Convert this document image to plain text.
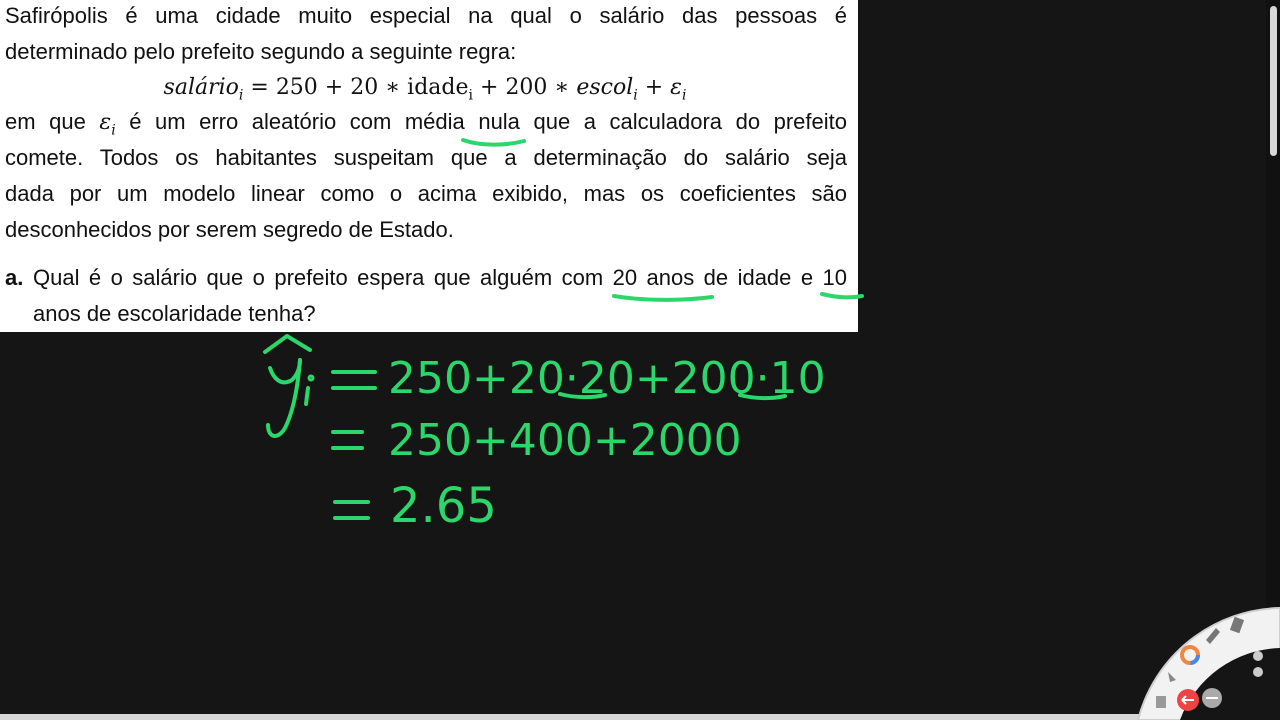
Safirópolis é uma cidade muito especial na qual o salário das pessoas é
determinado pelo prefeito segundo a seguinte regra:
salário$_i$ = 250 + 20 ∗ idade$_i$ + 200 ∗ escol$_i$ + $\varepsilon_i$
em que $\varepsilon_i$ é um erro aleatório com média nula que a calculadora do prefeito
comete. Todos os habitantes suspeitam que a determinação do salário seja
dada por um modelo linear como o acima exibido, mas os coeficientes são
desconhecidos por serem segredo de Estado.
a. Qual é o salário que o prefeito espera que alguém com 20 anos de idade e 10
anos de escolaridade tenha?
250+20·20+200·10
250+400+2000
2.65
